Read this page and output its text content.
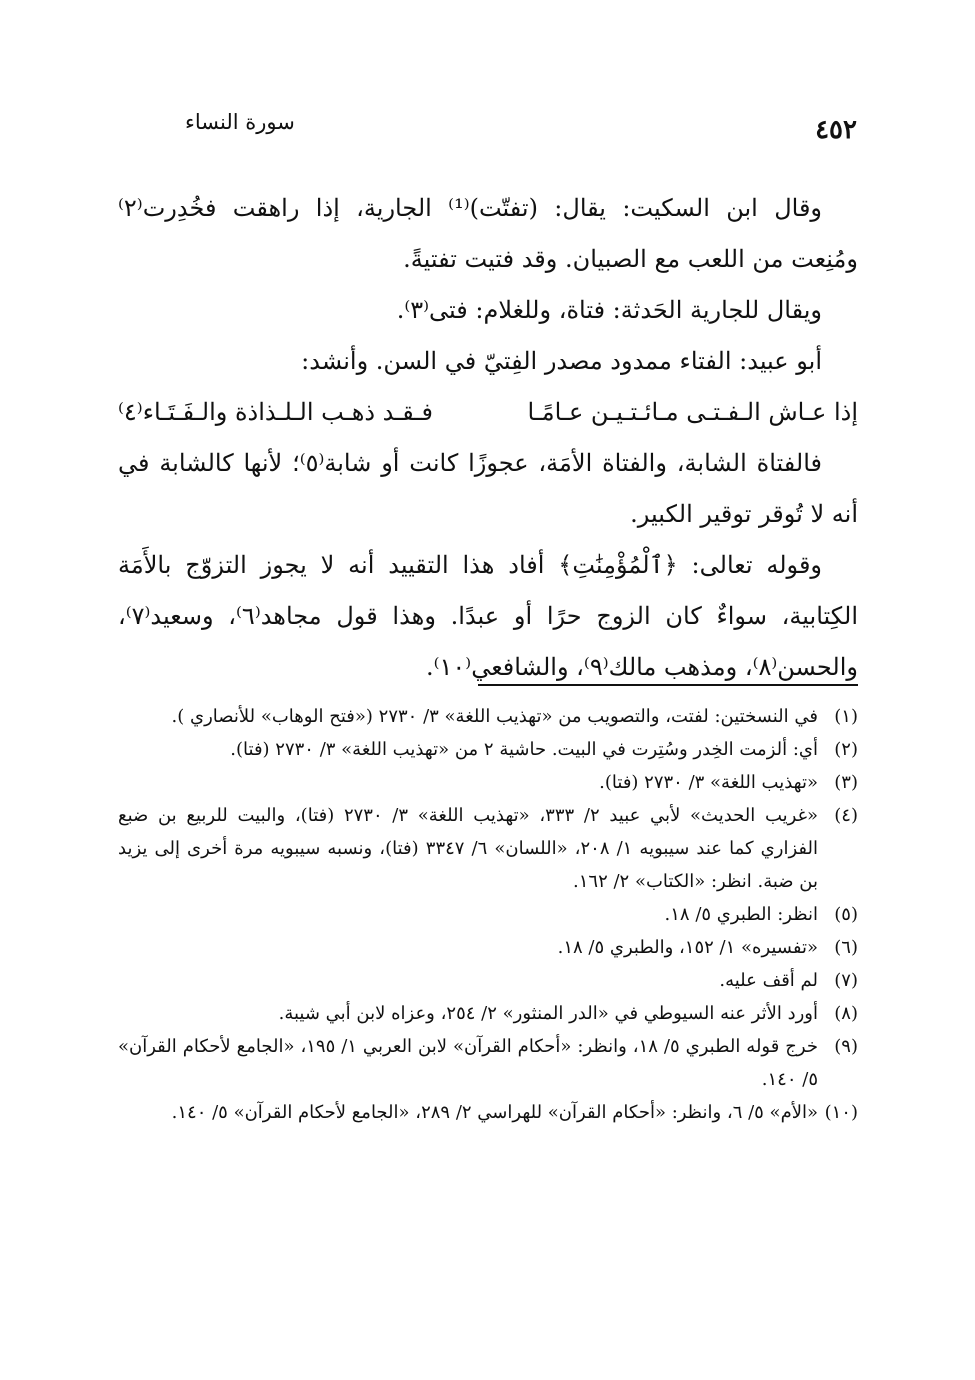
سورة النساء	٤٥٢

وقال ابن السكيت: يقال: (تفتّت)⁽¹⁾ الجارية، إذا راهقت فخُدِرت⁽٢⁾ ومُنِعت من اللعب مع الصبيان. وقد فتيت تفتيةً.

ويقال للجارية الحَدثة: فتاة، وللغلام: فتى⁽٣⁾.

أبو عبيد: الفتاء ممدود مصدر الفِتيّ في السن. وأنشد:

إذا عـاش الـفـتـى مـائـتـيـن عـامًـا
فـقـد ذهـب الـلـذاذة والـفَـتَـاء⁽٤⁾

فالفتاة الشابة، والفتاة الأمَة، عجوزًا كانت أو شابة⁽٥⁾؛ لأنها كالشابة في أنه لا تُوقر توقير الكبير.

وقوله تعالى: ﴿ٱلْمُؤْمِنَٰتِ﴾ أفاد هذا التقييد أنه لا يجوز التزوّج بالأَمَة الكِتابية، سواءٌ كان الزوج حرًا أو عبدًا. وهذا قول مجاهد⁽٦⁾، وسعيد⁽٧⁾، والحسن⁽٨⁾، ومذهب مالك⁽٩⁾، والشافعي⁽١٠⁾.

(١)
في النسختين: لفتت، والتصويب من «تهذيب اللغة» ٣/ ٢٧٣٠ («فتح الوهاب» للأنصاري ).
(٢)
أي: ألزمت الخِدر وسُتِرت في البيت. حاشية ٢ من «تهذيب اللغة» ٣/ ٢٧٣٠ (فتا).
(٣)
«تهذيب اللغة» ٣/ ٢٧٣٠ (فتا).
(٤)
«غريب الحديث» لأبي عبيد ٢/ ٣٣٣، «تهذيب اللغة» ٣/ ٢٧٣٠ (فتا)، والبيت للربيع بن ضبع الفزاري كما عند سيبويه ١/ ٢٠٨، «اللسان» ٦/ ٣٣٤٧ (فتا)، ونسبه سيبويه مرة أخرى إلى يزيد بن ضبة. انظر: «الكتاب» ٢/ ١٦٢.
(٥)
انظر: الطبري ٥/ ١٨.
(٦)
«تفسيره» ١/ ١٥٢، والطبري ٥/ ١٨.
(٧)
لم أقف عليه.
(٨)
أورد الأثر عنه السيوطي في «الدر المنثور» ٢/ ٢٥٤، وعزاه لابن أبي شيبة.
(٩)
خرج قوله الطبري ٥/ ١٨، وانظر: «أحكام القرآن» لابن العربي ١/ ١٩٥، «الجامع لأحكام القرآن» ٥/ ١٤٠.
(١٠)
«الأم» ٥/ ٦، وانظر: «أحكام القرآن» للهراسي ٢/ ٢٨٩، «الجامع لأحكام القرآن» ٥/ ١٤٠.
